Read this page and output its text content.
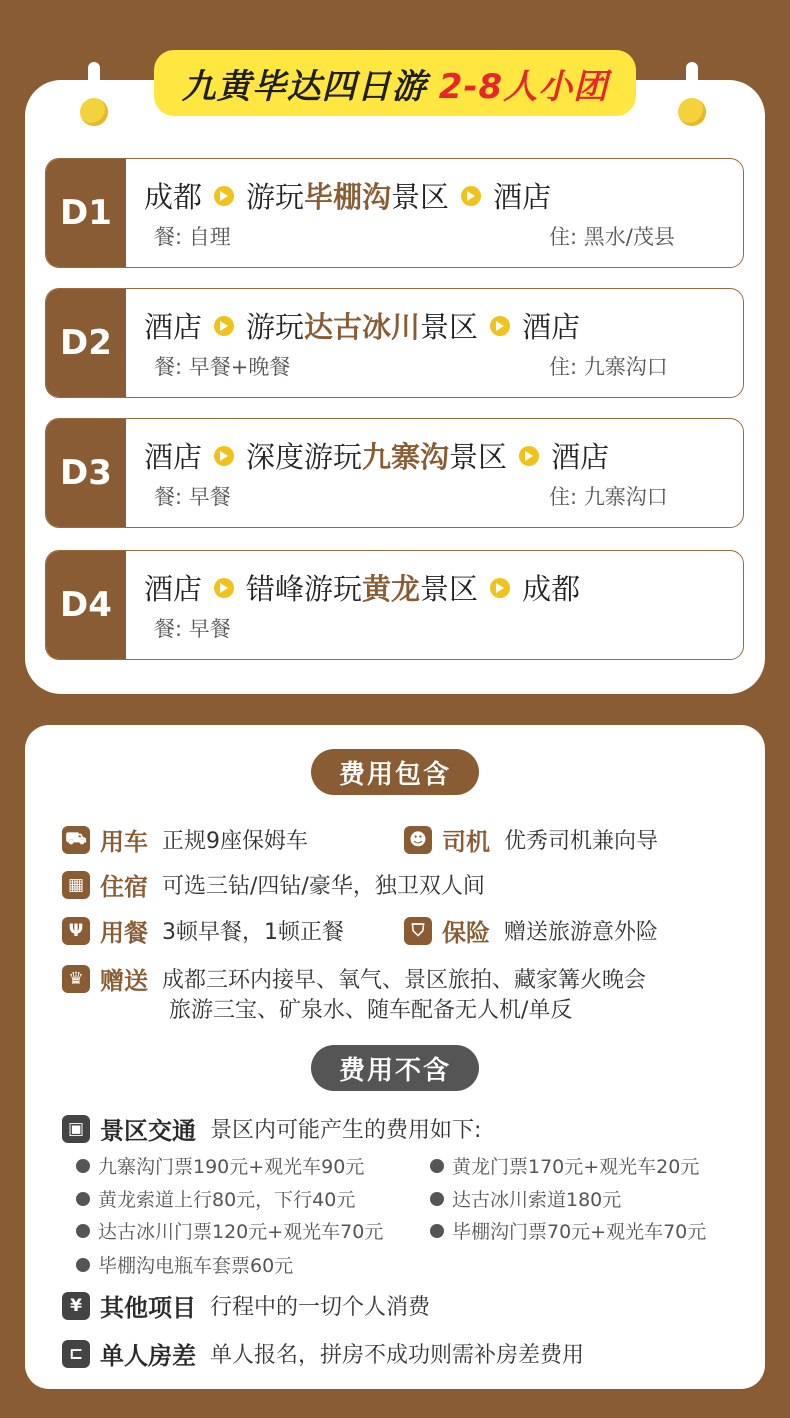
九黄毕达四日游 2-8人小团
D1	成都 游玩 毕棚沟 景区 酒店
餐: 自理	住: 黑水/茂县
D2	酒店 游玩 达古冰川 景区 酒店
餐: 早餐+晚餐	住: 九寨沟口
D3	酒店 深度游玩 九寨沟 景区 酒店
餐: 早餐	住: 九寨沟口
D4	酒店 错峰游玩 黄龙 景区 成都
餐: 早餐
费用包含
⛟ 用车 正规9座保姆车	☻ 司机 优秀司机兼向导
▦ 住宿 可选三钻/四钻/豪华，独卫双人间
Ψ 用餐 3顿早餐，1顿正餐	⛉ 保险 赠送旅游意外险
♛ 赠送 成都三环内接早、氧气、景区旅拍、藏家篝火晚会
旅游三宝、矿泉水、随车配备无人机/单反
费用不含
▣ 景区交通 景区内可能产生的费用如下:
九寨沟门票190元+观光车90元	黄龙门票170元+观光车20元
黄龙索道上行80元，下行40元	达古冰川索道180元
达古冰川门票120元+观光车70元	毕棚沟门票70元+观光车70元
毕棚沟电瓶车套票60元
¥ 其他项目 行程中的一切个人消费
⊏ 单人房差 单人报名，拼房不成功则需补房差费用
